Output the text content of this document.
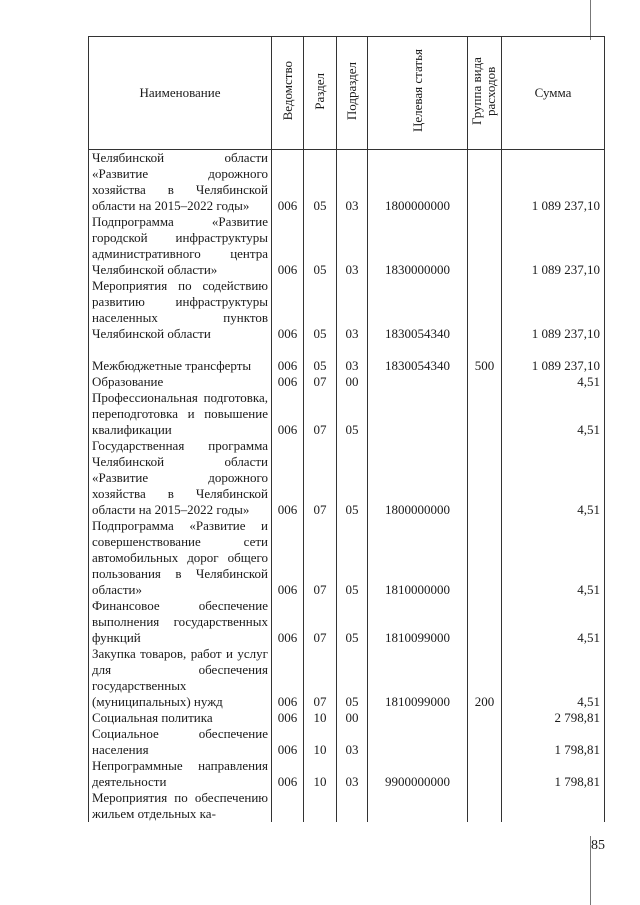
Наименование	Ведомство	Раздел	Подраздел	Целевая статья	Группа вида расходов	Сумма
Челябинской области «Развитие дорожного хозяйства в Челябинской области на 2015–2022 годы»	006	05	03	1800000000		1 089 237,10
Подпрограмма «Развитие городской инфраструктуры административного центра Челябинской области»	006	05	03	1830000000		1 089 237,10
Мероприятия по содействию развитию инфраструктуры населенных пунктов Челябинской области	006	05	03	1830054340		1 089 237,10
Межбюджетные трансферты	006	05	03	1830054340	500	1 089 237,10
Образование	006	07	00			4,51
Профессиональная подготовка, переподготовка и повышение квалификации	006	07	05			4,51
Государственная программа Челябинской области «Развитие дорожного хозяйства в Челябинской области на 2015–2022 годы»	006	07	05	1800000000		4,51
Подпрограмма «Развитие и совершенствование сети автомобильных дорог общего пользования в Челябинской области»	006	07	05	1810000000		4,51
Финансовое обеспечение выполнения государственных функций	006	07	05	1810099000		4,51
Закупка товаров, работ и услуг для обеспечения государственных (муниципальных) нужд	006	07	05	1810099000	200	4,51
Социальная политика	006	10	00			2 798,81
Социальное обеспечение населения	006	10	03			1 798,81
Непрограммные направления деятельности	006	10	03	9900000000		1 798,81
Мероприятия по обеспечению жильем отдельных ка-						
85
